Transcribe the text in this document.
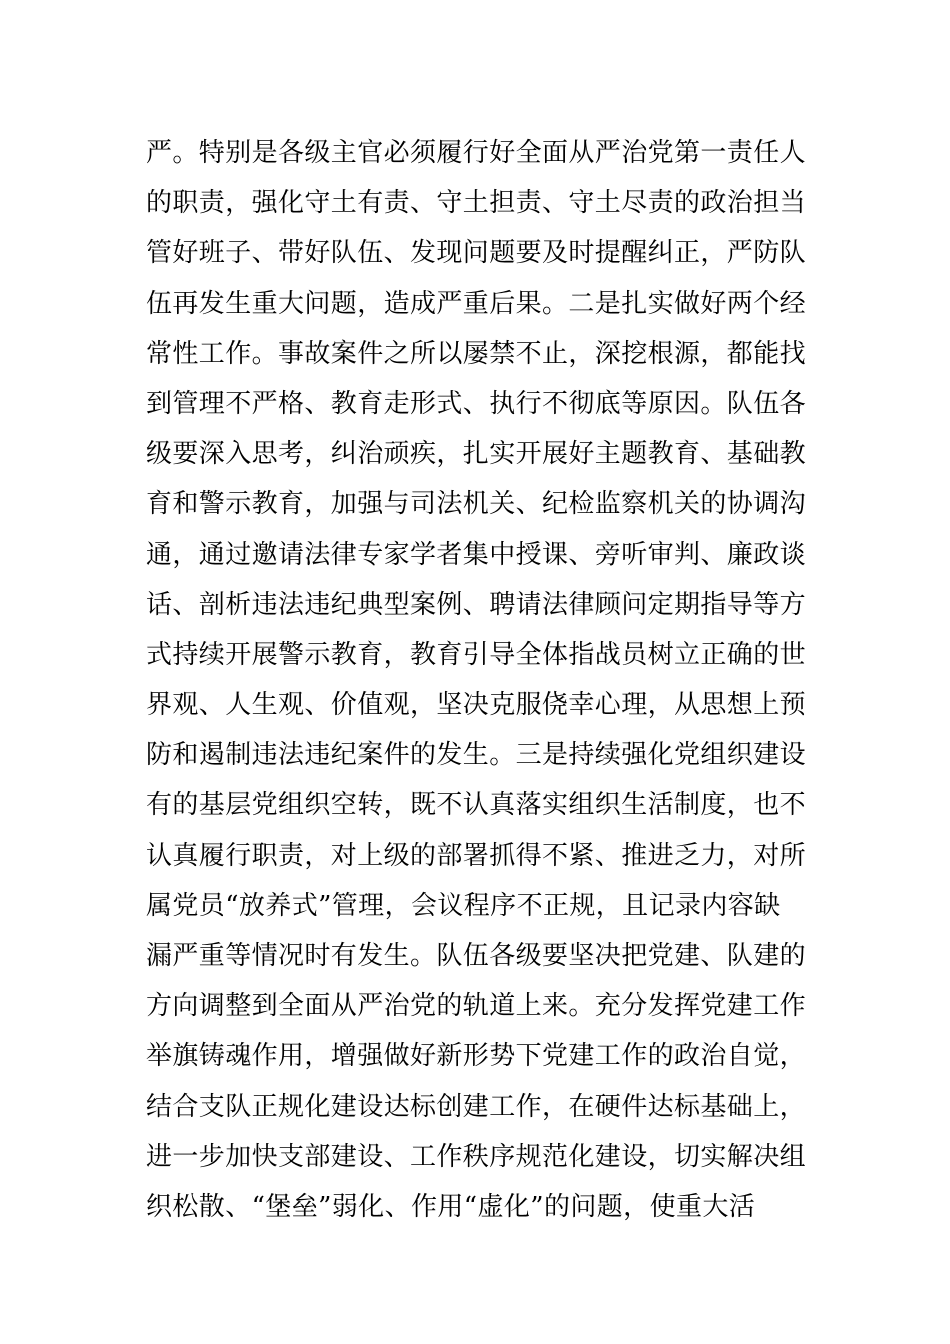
严。特别是各级主官必须履行好全面从严治党第一责任人
的职责，强化守土有责、守土担责、守土尽责的政治担当
管好班子、带好队伍、发现问题要及时提醒纠正，严防队
伍再发生重大问题，造成严重后果。二是扎实做好两个经
常性工作。事故案件之所以屡禁不止，深挖根源，都能找
到管理不严格、教育走形式、执行不彻底等原因。队伍各
级要深入思考，纠治顽疾，扎实开展好主题教育、基础教
育和警示教育，加强与司法机关、纪检监察机关的协调沟
通，通过邀请法律专家学者集中授课、旁听审判、廉政谈
话、剖析违法违纪典型案例、聘请法律顾问定期指导等方
式持续开展警示教育，教育引导全体指战员树立正确的世
界观、人生观、价值观，坚决克服侥幸心理，从思想上预
防和遏制违法违纪案件的发生。三是持续强化党组织建设
有的基层党组织空转，既不认真落实组织生活制度，也不
认真履行职责，对上级的部署抓得不紧、推进乏力，对所
属党员“放养式”管理，会议程序不正规，且记录内容缺
漏严重等情况时有发生。队伍各级要坚决把党建、队建的
方向调整到全面从严治党的轨道上来。充分发挥党建工作
举旗铸魂作用，增强做好新形势下党建工作的政治自觉，
结合支队正规化建设达标创建工作，在硬件达标基础上，
进一步加快支部建设、工作秩序规范化建设，切实解决组
织松散、“堡垒”弱化、作用“虚化”的问题，使重大活
